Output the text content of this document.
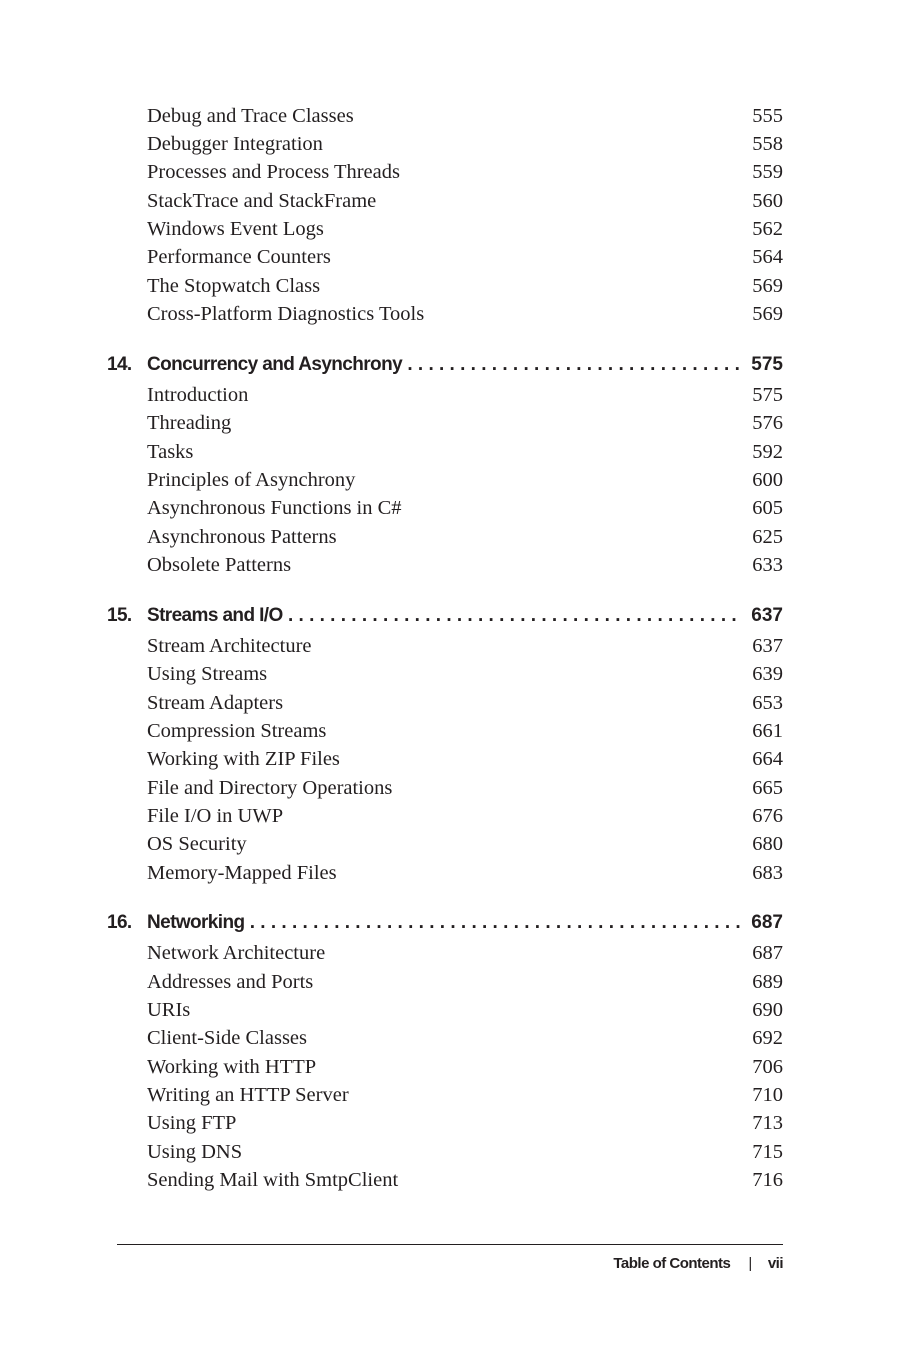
Debug and Trace Classes	555
Debugger Integration	558
Processes and Process Threads	559
StackTrace and StackFrame	560
Windows Event Logs	562
Performance Counters	564
The Stopwatch Class	569
Cross-Platform Diagnostics Tools	569
14. Concurrency and Asynchrony . . .	575
Introduction	575
Threading	576
Tasks	592
Principles of Asynchrony	600
Asynchronous Functions in C#	605
Asynchronous Patterns	625
Obsolete Patterns	633
15. Streams and I/O . . .	637
Stream Architecture	637
Using Streams	639
Stream Adapters	653
Compression Streams	661
Working with ZIP Files	664
File and Directory Operations	665
File I/O in UWP	676
OS Security	680
Memory-Mapped Files	683
16. Networking . . .	687
Network Architecture	687
Addresses and Ports	689
URIs	690
Client-Side Classes	692
Working with HTTP	706
Writing an HTTP Server	710
Using FTP	713
Using DNS	715
Sending Mail with SmtpClient	716
Table of Contents | vii
